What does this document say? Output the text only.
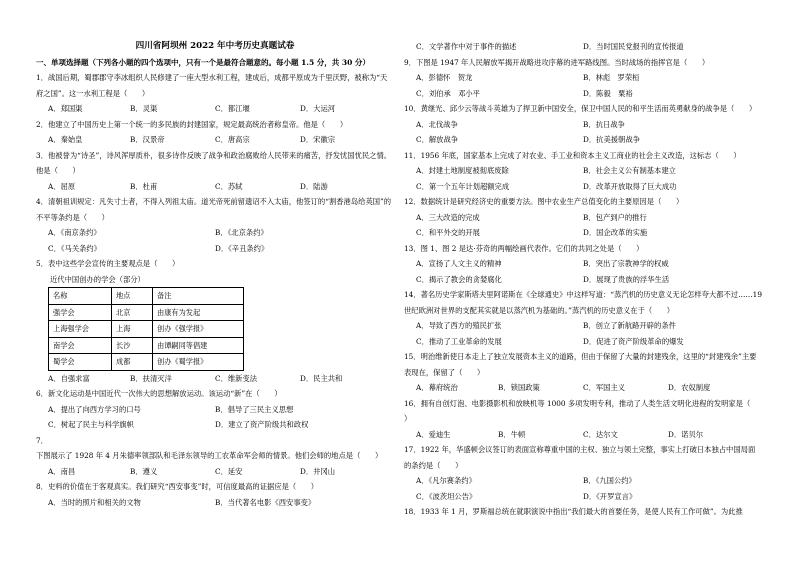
四川省阿坝州 2022 年中考历史真题试卷
一、单项选择题（下列各小题的四个选项中，只有一个是最符合题意的。每小题 1.5 分，共 30 分）
1．战国后期，蜀郡郡守李冰组织人民修建了一座大型水利工程，建成后，成都平原成为千里沃野，被称为“天府之国”。这一水利工程是（　　）
A．郑国渠	B．灵渠	C．都江堰	D．大运河
2．他建立了中国历史上第一个统一的多民族的封建国家，规定最高统治者称皇帝。他是（　　）
A．秦始皇	B．汉景帝	C．唐高宗	D．宋徽宗
3．他被誉为“诗圣”，诗风浑厚质朴，很多诗作反映了战争和政治腐败给人民带来的痛苦，抒发忧国忧民之情。他是（　　）
A．屈原	B．杜甫	C．苏轼	D．陆游
4．清朝祖训规定：凡失寸土者，不得入列祖太庙。道光帝死前留遗诏不入太庙，他签订的“割香港岛给英国”的不平等条约是（　　）
A．《南京条约》	B．《北京条约》
C．《马关条约》	D．《辛丑条约》
5．表中这些学会宣传的主要观点是（　　）
近代中国创办的学会（部分）
名称	地点	备注
强学会	北京	由康有为发起
上海强学会	上海	创办《强学报》
南学会	长沙	由谭嗣同等倡建
蜀学会	成都	创办《蜀学报》
A．自强求富	B．扶清灭洋	C．维新变法	D．民主共和
6．新文化运动是中国近代一次伟大的思想解放运动。该运动“新”在（　　）
A．提出了向西方学习的口号	B．倡导了三民主义思想
C．树起了民主与科学旗帜	D．建立了资产阶级共和政权
7．下图展示了 1928 年 4 月朱德率领部队和毛泽东领导的工农革命军会师的情景。他们会师的地点是（　　）
A．南昌	B．遵义	C．延安	D．井冈山
8．史料的价值在于客观真实。我们研究“西安事变”时，可信度最高的证据应是（　　）
A．当时的照片和相关的文物	B．当代著名电影《西安事变》
C．文学著作中对于事件的描述	D．当时国民党报刊的宣传报道
9．下图是 1947 年人民解放军揭开战略进攻序幕的进军路线图。当时战场的指挥官是（　　）
A．彭德怀　贺龙	B．林彪　罗荣桓
C．刘伯承　邓小平	D．陈毅　粟裕
10．黄继光、邱少云等战斗英雄为了捍卫新中国安全，保卫中国人民的和平生活而英勇献身的战争是（　　）
A．北伐战争	B．抗日战争
C．解放战争	D．抗美援朝战争
11．1956 年底，国家基本上完成了对农业、手工业和资本主义工商业的社会主义改造，这标志（　　）
A．封建土地制度被彻底废除	B．社会主义公有制基本建立
C．第一个五年计划超额完成	D．改革开放取得了巨大成功
12．数据统计是研究经济史的重要方法。图中农业生产总值变化的主要原因是（　　）
A．三大改造的完成	B．包产到户的推行
C．和平外交的开展	D．国企改革的实施
13．图 1、图 2 是达·芬奇的两幅绘画代表作。它们的共同之处是（　　）
A．宣扬了人文主义的精神	B．突出了宗教神学的权威
C．揭示了教会的贪婪腐化	D．展现了贵族的浮华生活
14．著名历史学家斯塔夫里阿诺斯在《全球通史》中这样写道：“蒸汽机的历史意义无论怎样夸大都不过……19 世纪欧洲对世界的支配其实就是以蒸汽机为基础的。”蒸汽机的历史意义在于（　　）
A．导致了西方的殖民扩张	B．创立了新航路开辟的条件
C．推动了工业革命的发展	D．促进了资产阶级革命的爆发
15．明治维新使日本走上了独立发展资本主义的道路，但由于保留了大量的封建残余，这里的“封建残余”主要表现在，保留了（　　）
A．幕府统治	B．锁国政策	C．军国主义	D．农奴制度
16．拥有自创灯泡、电影摄影机和放映机等 1000 多项发明专利，推动了人类生活文明化进程的发明家是（　　）
A．爱迪生	B．牛顿	C．达尔文	D．诺贝尔
17．1922 年，华盛顿会议签订的表面宣称尊重中国的主权、独立与领土完整，事实上打破日本独占中国局面的条约是（　　）
A．《凡尔赛条约》	B．《九国公约》
C．《波茨坦公告》	D．《开罗宣言》
18．1933 年 1 月，罗斯福总统在就职演说中指出“我们最大的首要任务，是使人民有工作可做”。为此推
